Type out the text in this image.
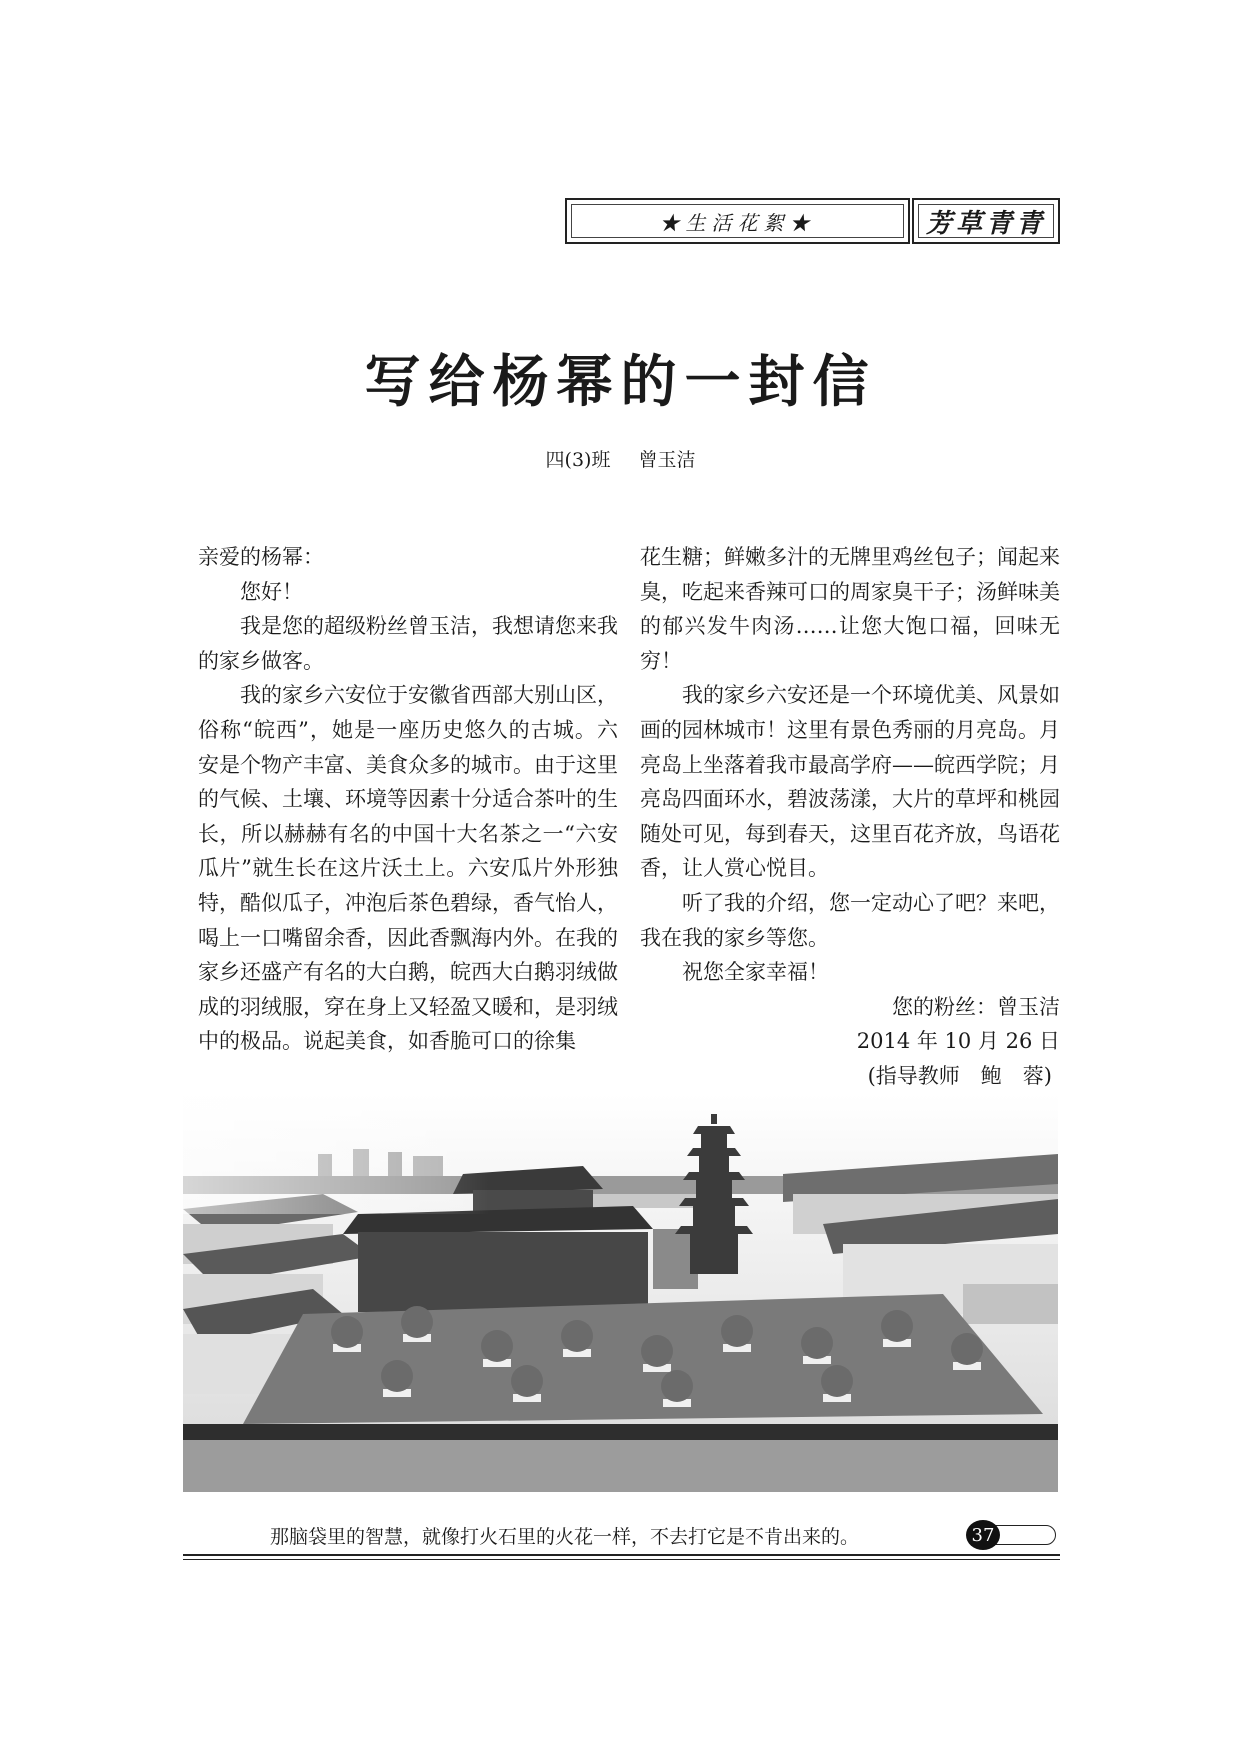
★生活花絮★	芳草青青
写给杨幂的一封信
四(3)班 曾玉洁

亲爱的杨幂：

您好！

我是您的超级粉丝曾玉洁，我想请您来我的家乡做客。

我的家乡六安位于安徽省西部大别山区，俗称“皖西”，她是一座历史悠久的古城。六安是个物产丰富、美食众多的城市。由于这里的气候、土壤、环境等因素十分适合茶叶的生长，所以赫赫有名的中国十大名茶之一“六安瓜片”就生长在这片沃土上。六安瓜片外形独特，酷似瓜子，冲泡后茶色碧绿，香气怡人，喝上一口嘴留余香，因此香飘海内外。在我的家乡还盛产有名的大白鹅，皖西大白鹅羽绒做成的羽绒服，穿在身上又轻盈又暖和，是羽绒中的极品。说起美食，如香脆可口的徐集

花生糖；鲜嫩多汁的无牌里鸡丝包子；闻起来臭，吃起来香辣可口的周家臭干子；汤鲜味美的郁兴发牛肉汤……让您大饱口福，回味无穷！

我的家乡六安还是一个环境优美、风景如画的园林城市！这里有景色秀丽的月亮岛。月亮岛上坐落着我市最高学府——皖西学院；月亮岛四面环水，碧波荡漾，大片的草坪和桃园随处可见，每到春天，这里百花齐放，鸟语花香，让人赏心悦目。

听了我的介绍，您一定动心了吧？来吧，我在我的家乡等您。

祝您全家幸福！

您的粉丝：曾玉洁

2014 年 10 月 26 日

(指导教师　鲍　蓉)

那脑袋里的智慧，就像打火石里的火花一样，不去打它是不肯出来的。	37
